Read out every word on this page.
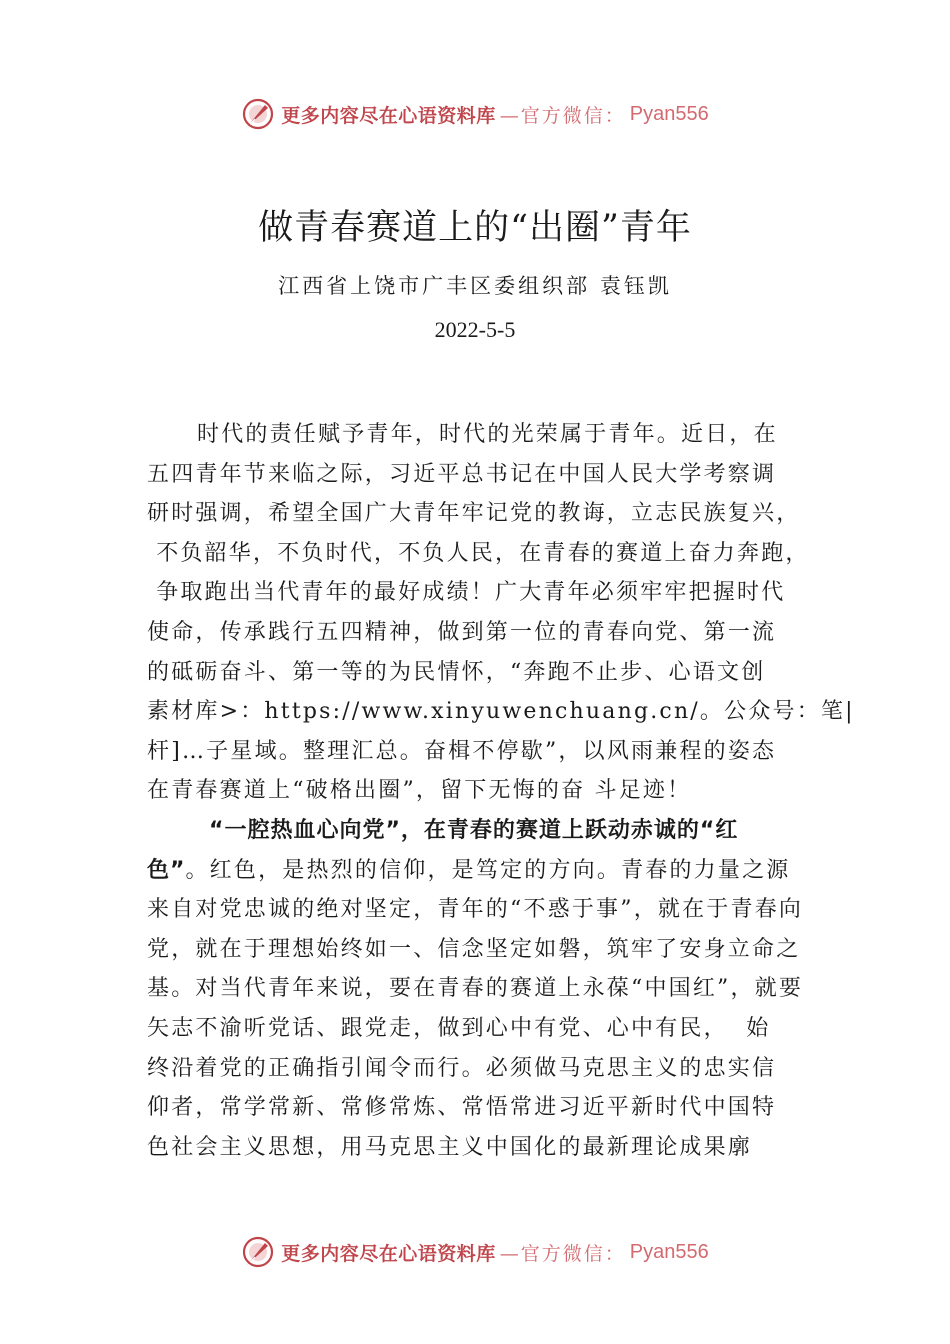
更多内容尽在心语资料库 —官方微信： Pyan556
做青春赛道上的“出圈”青年
江西省上饶市广丰区委组织部 袁钰凯
2022-5-5
时代的责任赋予青年，时代的光荣属于青年。近日，在
五四青年节来临之际，习近平总书记在中国人民大学考察调
研时强调，希望全国广大青年牢记党的教诲，立志民族复兴，
不负韶华，不负时代，不负人民，在青春的赛道上奋力奔跑，
争取跑出当代青年的最好成绩！广大青年必须牢牢把握时代
使命，传承践行五四精神，做到第一位的青春向党、第一流
的砥砺奋斗、第一等的为民情怀，“奔跑不止步、心语文创
素材库>：https://www.xinyuwenchuang.cn/。公众号：笔|
杆]…子星域。整理汇总。奋楫不停歇”，以风雨兼程的姿态
在青春赛道上“破格出圈”，留下无悔的奋 斗足迹！
“一腔热血心向党”，在青春的赛道上跃动赤诚的“红
色”。红色，是热烈的信仰，是笃定的方向。青春的力量之源
来自对党忠诚的绝对坚定，青年的“不惑于事”，就在于青春向
党，就在于理想始终如一、信念坚定如磐，筑牢了安身立命之
基。对当代青年来说，要在青春的赛道上永葆“中国红”，就要
矢志不渝听党话、跟党走，做到心中有党、心中有民，  始
终沿着党的正确指引闻令而行。必须做马克思主义的忠实信
仰者，常学常新、常修常炼、常悟常进习近平新时代中国特
色社会主义思想，用马克思主义中国化的最新理论成果廓
更多内容尽在心语资料库 —官方微信： Pyan556
